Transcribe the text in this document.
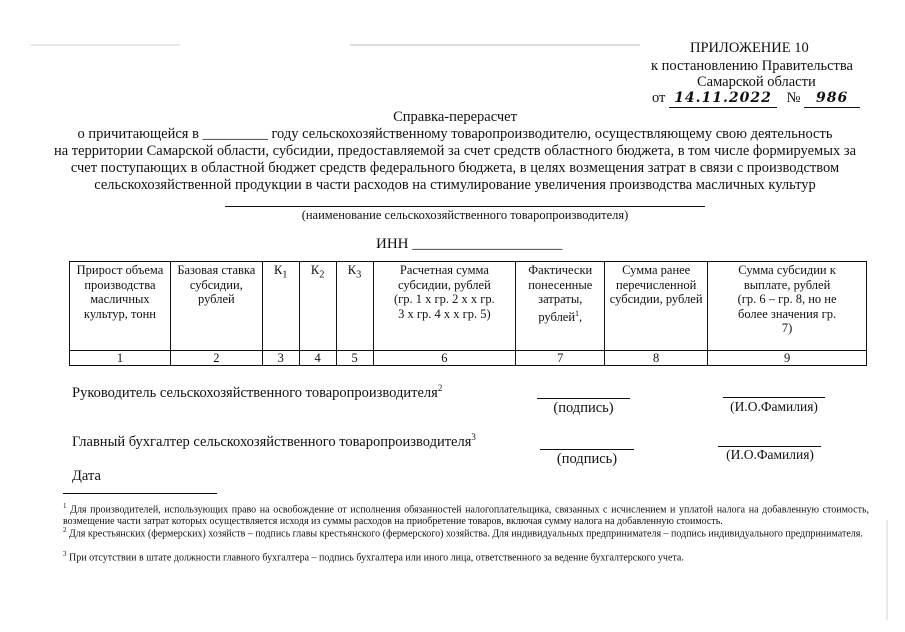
ПРИЛОЖЕНИЕ 10
к постановлению Правительства
Самарской области
от 14.11.2022 № 986
Справка-перерасчет
о причитающейся в _________ году сельскохозяйственному товаропроизводителю, осуществляющему свою деятельность
на территории Самарской области, субсидии, предоставляемой за счет средств областного бюджета, в том числе формируемых за
счет поступающих в областной бюджет средств федерального бюджета, в целях возмещения затрат в связи с производством
сельскохозяйственной продукции в части расходов на стимулирование увеличения производства масличных культур
(наименование сельскохозяйственного товаропроизводителя)
ИНН ____________________
Прирост объема производства масличных культур, тонн	Базовая ставка субсидии, рублей	$К_1$	$К_2$	$К_3$	Расчетная сумма субсидии, рублей (гр. 1 x гр. 2 x x гр. 3 x гр. 4 x x гр. 5)	Фактически понесенные затраты, рублей$^1$,	Сумма ранее перечисленной субсидии, рублей	Сумма субсидии к выплате, рублей (гр. 6 – гр. 8, но не более значения гр. 7)
1	2	3	4	5	6	7	8	9
Руководитель сельскохозяйственного товаропроизводителя$^2$
(подпись)	(И.О.Фамилия)
Главный бухгалтер сельскохозяйственного товаропроизводителя$^3$
(подпись)	(И.О.Фамилия)
Дата
$^1$ Для производителей, использующих право на освобождение от исполнения обязанностей налогоплательщика, связанных с исчислением и уплатой налога на добавленную стоимость, возмещение части затрат которых осуществляется исходя из суммы расходов на приобретение товаров, включая сумму налога на добавленную стоимость.
$^2$ Для крестьянских (фермерских) хозяйств – подпись главы крестьянского (фермерского) хозяйства. Для индивидуальных предпринимателя – подпись индивидуального предпринимателя.
$^3$ При отсутствии в штате должности главного бухгалтера – подпись бухгалтера или иного лица, ответственного за ведение бухгалтерского учета.
